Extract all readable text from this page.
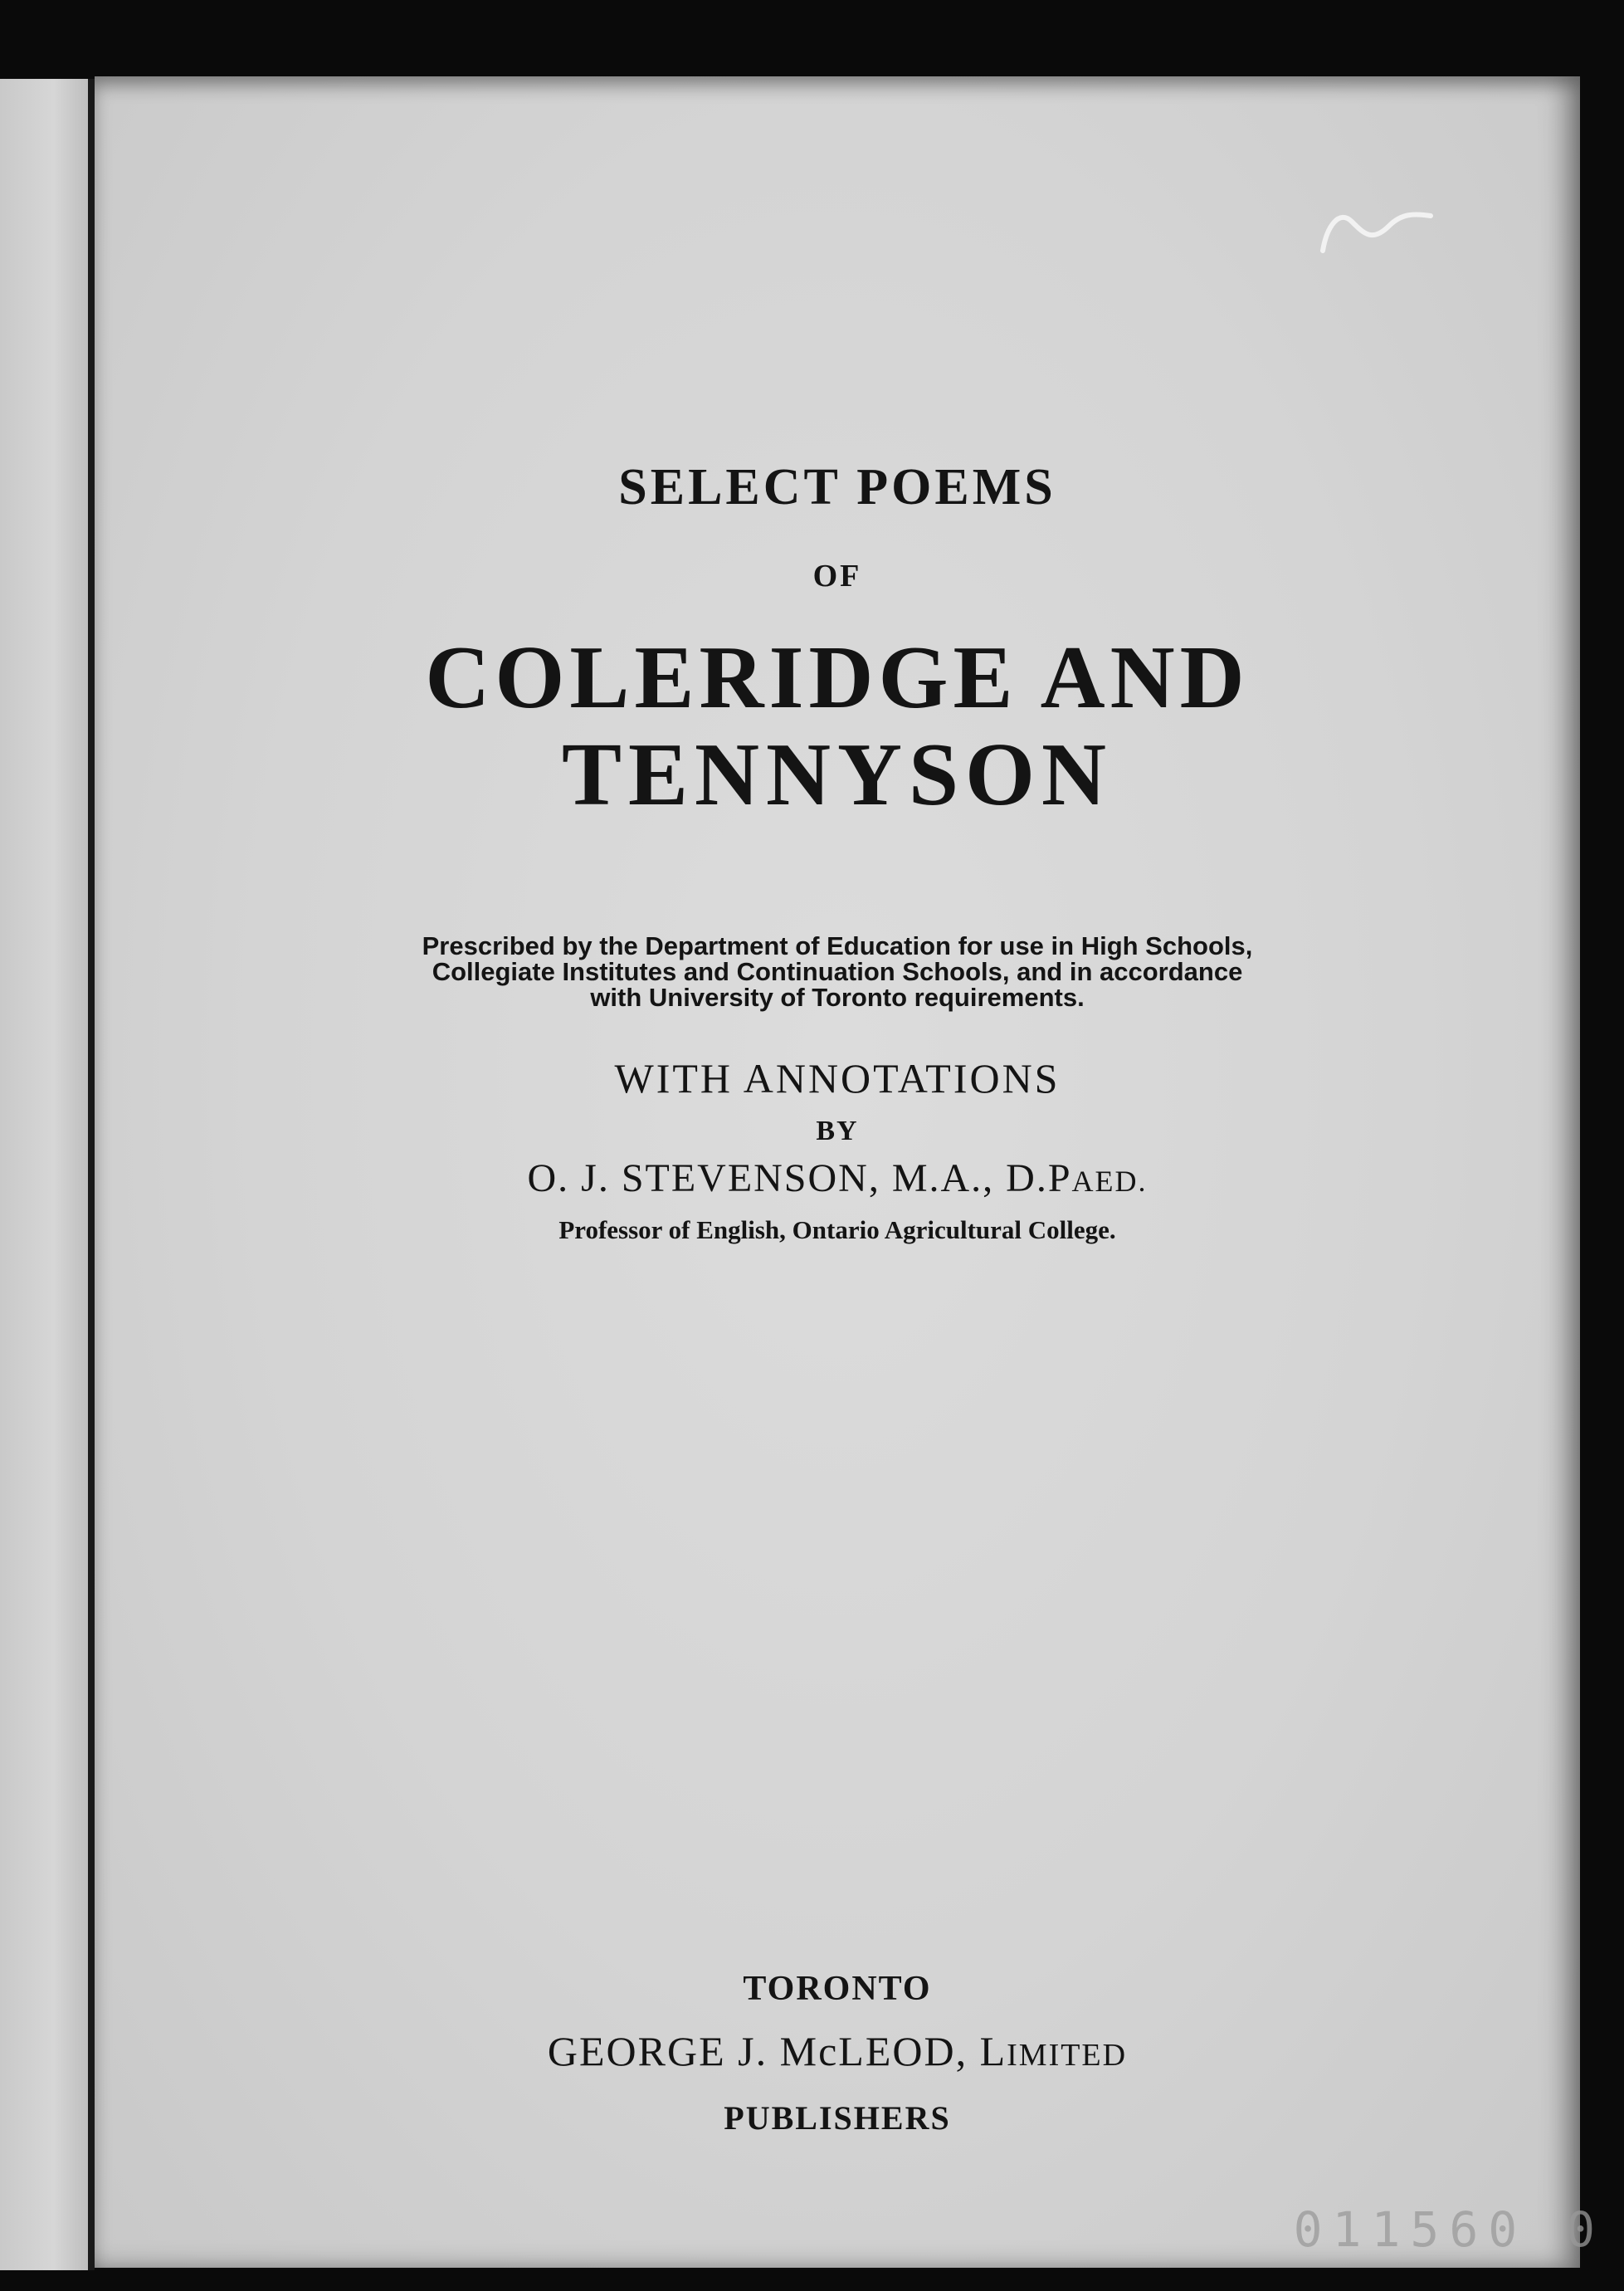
SELECT POEMS
OF
COLERIDGE AND
TENNYSON
Prescribed by the Department of Education for use in High Schools,
Collegiate Institutes and Continuation Schools, and in accordance
with University of Toronto requirements.
WITH ANNOTATIONS
BY
O. J. STEVENSON, M.A., D.PAED.
Professor of English, Ontario Agricultural College.
TORONTO
GEORGE J. McLEOD, LIMITED
PUBLISHERS
011560 0
